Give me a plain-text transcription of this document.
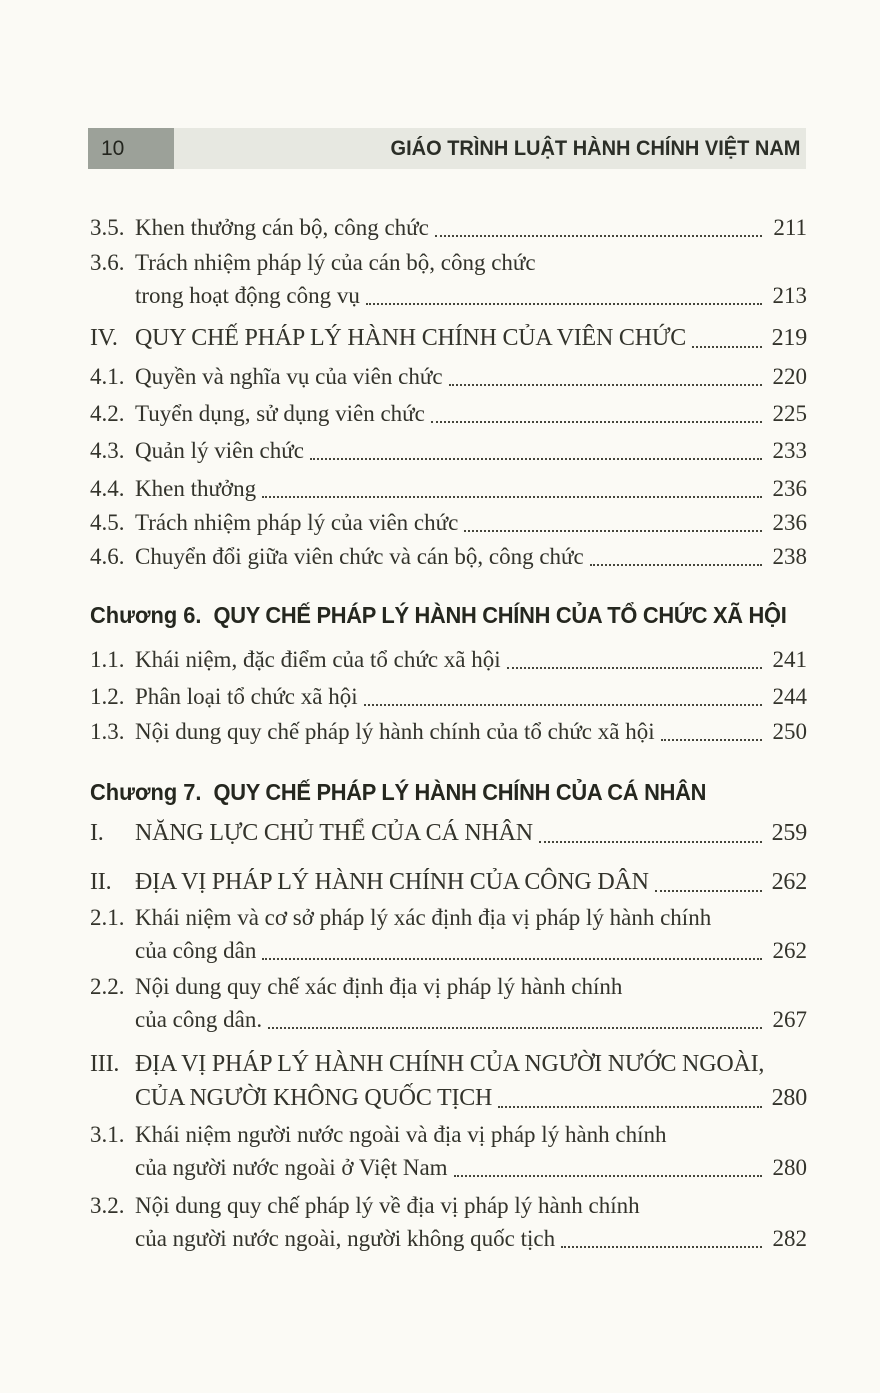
10	GIÁO TRÌNH LUẬT HÀNH CHÍNH VIỆT NAM
3.5. Khen thưởng cán bộ, công chức	211
3.6. Trách nhiệm pháp lý của cán bộ, công chức
trong hoạt động công vụ	213
IV. QUY CHẾ PHÁP LÝ HÀNH CHÍNH CỦA VIÊN CHỨC	219
4.1. Quyền và nghĩa vụ của viên chức	220
4.2. Tuyển dụng, sử dụng viên chức	225
4.3. Quản lý viên chức	233
4.4. Khen thưởng	236
4.5. Trách nhiệm pháp lý của viên chức	236
4.6. Chuyển đổi giữa viên chức và cán bộ, công chức	238
Chương 6. QUY CHẾ PHÁP LÝ HÀNH CHÍNH CỦA TỔ CHỨC XÃ HỘI
1.1. Khái niệm, đặc điểm của tổ chức xã hội	241
1.2. Phân loại tổ chức xã hội	244
1.3. Nội dung quy chế pháp lý hành chính của tổ chức xã hội	250
Chương 7. QUY CHẾ PHÁP LÝ HÀNH CHÍNH CỦA CÁ NHÂN
I.	NĂNG LỰC CHỦ THỂ CỦA CÁ NHÂN	259
II. ĐỊA VỊ PHÁP LÝ HÀNH CHÍNH CỦA CÔNG DÂN	262
2.1. Khái niệm và cơ sở pháp lý xác định địa vị pháp lý hành chính
của công dân	262
2.2. Nội dung quy chế xác định địa vị pháp lý hành chính
của công dân.	267
III. ĐỊA VỊ PHÁP LÝ HÀNH CHÍNH CỦA NGƯỜI NƯỚC NGOÀI,
CỦA NGƯỜI KHÔNG QUỐC TỊCH	280
3.1. Khái niệm người nước ngoài và địa vị pháp lý hành chính
của người nước ngoài ở Việt Nam	280
3.2. Nội dung quy chế pháp lý về địa vị pháp lý hành chính
của người nước ngoài, người không quốc tịch	282
